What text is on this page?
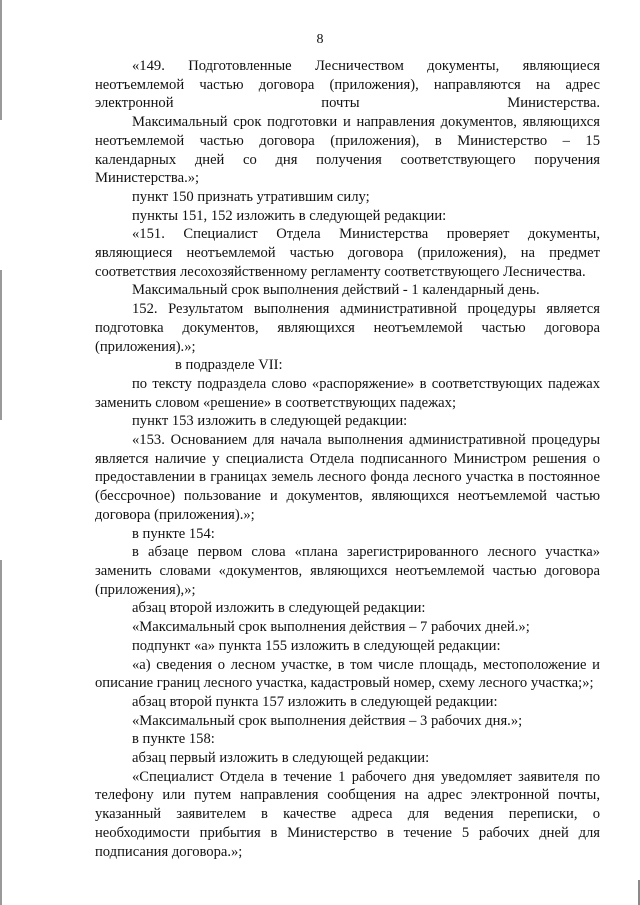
8

«149. Подготовленные Лесничеством документы, являющиеся неотъемлемой частью договора (приложения), направляются на адрес электронной почты Министерства.

Максимальный срок подготовки и направления документов, являющихся неотъемлемой частью договора (приложения), в Министерство – 15 календарных дней со дня получения соответствующего поручения Министерства.»;

пункт 150 признать утратившим силу;

пункты 151, 152 изложить в следующей редакции:

«151. Специалист Отдела Министерства проверяет документы, являющиеся неотъемлемой частью договора (приложения), на предмет соответствия лесохозяйственному регламенту соответствующего Лесничества.

Максимальный срок выполнения действий - 1 календарный день.

152. Результатом выполнения административной процедуры является подготовка документов, являющихся неотъемлемой частью договора (приложения).»;

в подразделе VII:

по тексту подраздела слово «распоряжение» в соответствующих падежах заменить словом «решение» в соответствующих падежах;

пункт 153 изложить в следующей редакции:

«153. Основанием для начала выполнения административной процедуры является наличие у специалиста Отдела подписанного Министром решения о предоставлении в границах земель лесного фонда лесного участка в постоянное (бессрочное) пользование и документов, являющихся неотъемлемой частью договора (приложения).»;

в пункте 154:

в абзаце первом слова «плана зарегистрированного лесного участка» заменить словами «документов, являющихся неотъемлемой частью договора (приложения),»;

абзац второй изложить в следующей редакции:

«Максимальный срок выполнения действия – 7 рабочих дней.»;

подпункт «а» пункта 155 изложить в следующей редакции:

«а) сведения о лесном участке, в том числе площадь, местоположение и описание границ лесного участка, кадастровый номер, схему лесного участка;»;

абзац второй пункта 157 изложить в следующей редакции:

«Максимальный срок выполнения действия – 3 рабочих дня.»;

в пункте 158:

абзац первый изложить в следующей редакции:

«Специалист Отдела в течение 1 рабочего дня уведомляет заявителя по телефону или путем направления сообщения на адрес электронной почты, указанный заявителем в качестве адреса для ведения переписки, о необходимости прибытия в Министерство в течение 5 рабочих дней для подписания договора.»;
